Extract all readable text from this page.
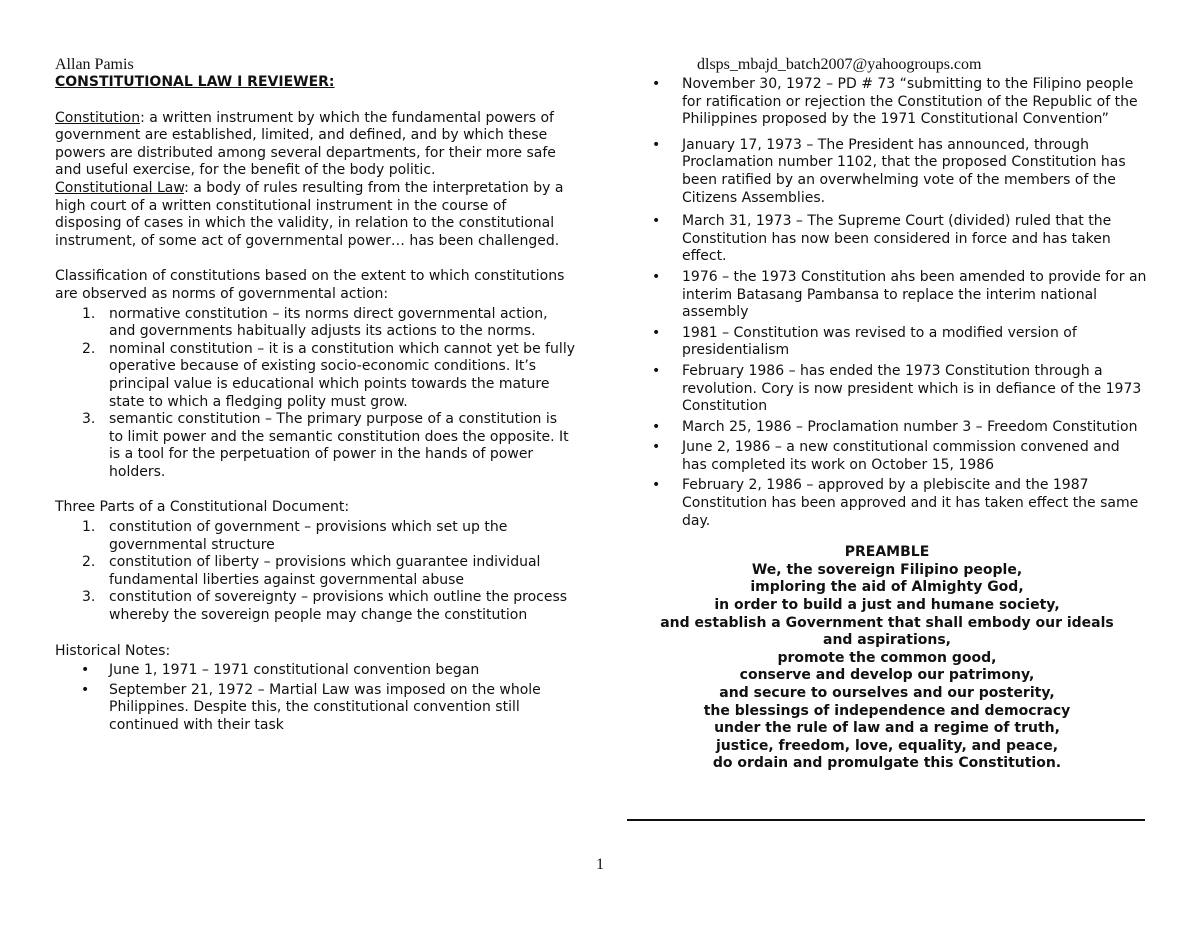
Allan Pamis

CONSTITUTIONAL LAW I REVIEWER:

Constitution: a written instrument by which the fundamental powers of government are established, limited, and defined, and by which these powers are distributed among several departments, for their more safe and useful exercise, for the benefit of the body politic.

Constitutional Law: a body of rules resulting from the interpretation by a high court of a written constitutional instrument in the course of disposing of cases in which the validity, in relation to the constitutional instrument, of some act of governmental power… has been challenged.

Classification of constitutions based on the extent to which constitutions are observed as norms of governmental action:

1. normative constitution – its norms direct governmental action, and governments habitually adjusts its actions to the norms.
2. nominal constitution – it is a constitution which cannot yet be fully operative because of existing socio-economic conditions. It’s principal value is educational which points towards the mature state to which a fledging polity must grow.
3. semantic constitution – The primary purpose of a constitution is to limit power and the semantic constitution does the opposite. It is a tool for the perpetuation of power in the hands of power holders.

Three Parts of a Constitutional Document:

1. constitution of government – provisions which set up the governmental structure
2. constitution of liberty – provisions which guarantee individual fundamental liberties against governmental abuse
3. constitution of sovereignty – provisions which outline the process whereby the sovereign people may change the constitution

Historical Notes:

• June 1, 1971 – 1971 constitutional convention began
• September 21, 1972 – Martial Law was imposed on the whole Philippines. Despite this, the constitutional convention still continued with their task

dlsps_mbajd_batch2007@yahoogroups.com

• November 30, 1972 – PD # 73 “submitting to the Filipino people for ratification or rejection the Constitution of the Republic of the Philippines proposed by the 1971 Constitutional Convention”
• January 17, 1973 – The President has announced, through Proclamation number 1102, that the proposed Constitution has been ratified by an overwhelming vote of the members of the Citizens Assemblies.
• March 31, 1973 – The Supreme Court (divided) ruled that the Constitution has now been considered in force and has taken effect.
• 1976 – the 1973 Constitution ahs been amended to provide for an interim Batasang Pambansa to replace the interim national assembly
• 1981 – Constitution was revised to a modified version of presidentialism
• February 1986 – has ended the 1973 Constitution through a revolution. Cory is now president which is in defiance of the 1973 Constitution
• March 25, 1986 – Proclamation number 3 – Freedom Constitution
• June 2, 1986 – a new constitutional commission convened and has completed its work on October 15, 1986
• February 2, 1986 – approved by a plebiscite and the 1987 Constitution has been approved and it has taken effect the same day.
PREAMBLE
We, the sovereign Filipino people,
imploring the aid of Almighty God,
in order to build a just and humane society,
and establish a Government that shall embody our ideals
and aspirations,
promote the common good,
conserve and develop our patrimony,
and secure to ourselves and our posterity,
the blessings of independence and democracy
under the rule of law and a regime of truth,
justice, freedom, love, equality, and peace,
do ordain and promulgate this Constitution.
1
